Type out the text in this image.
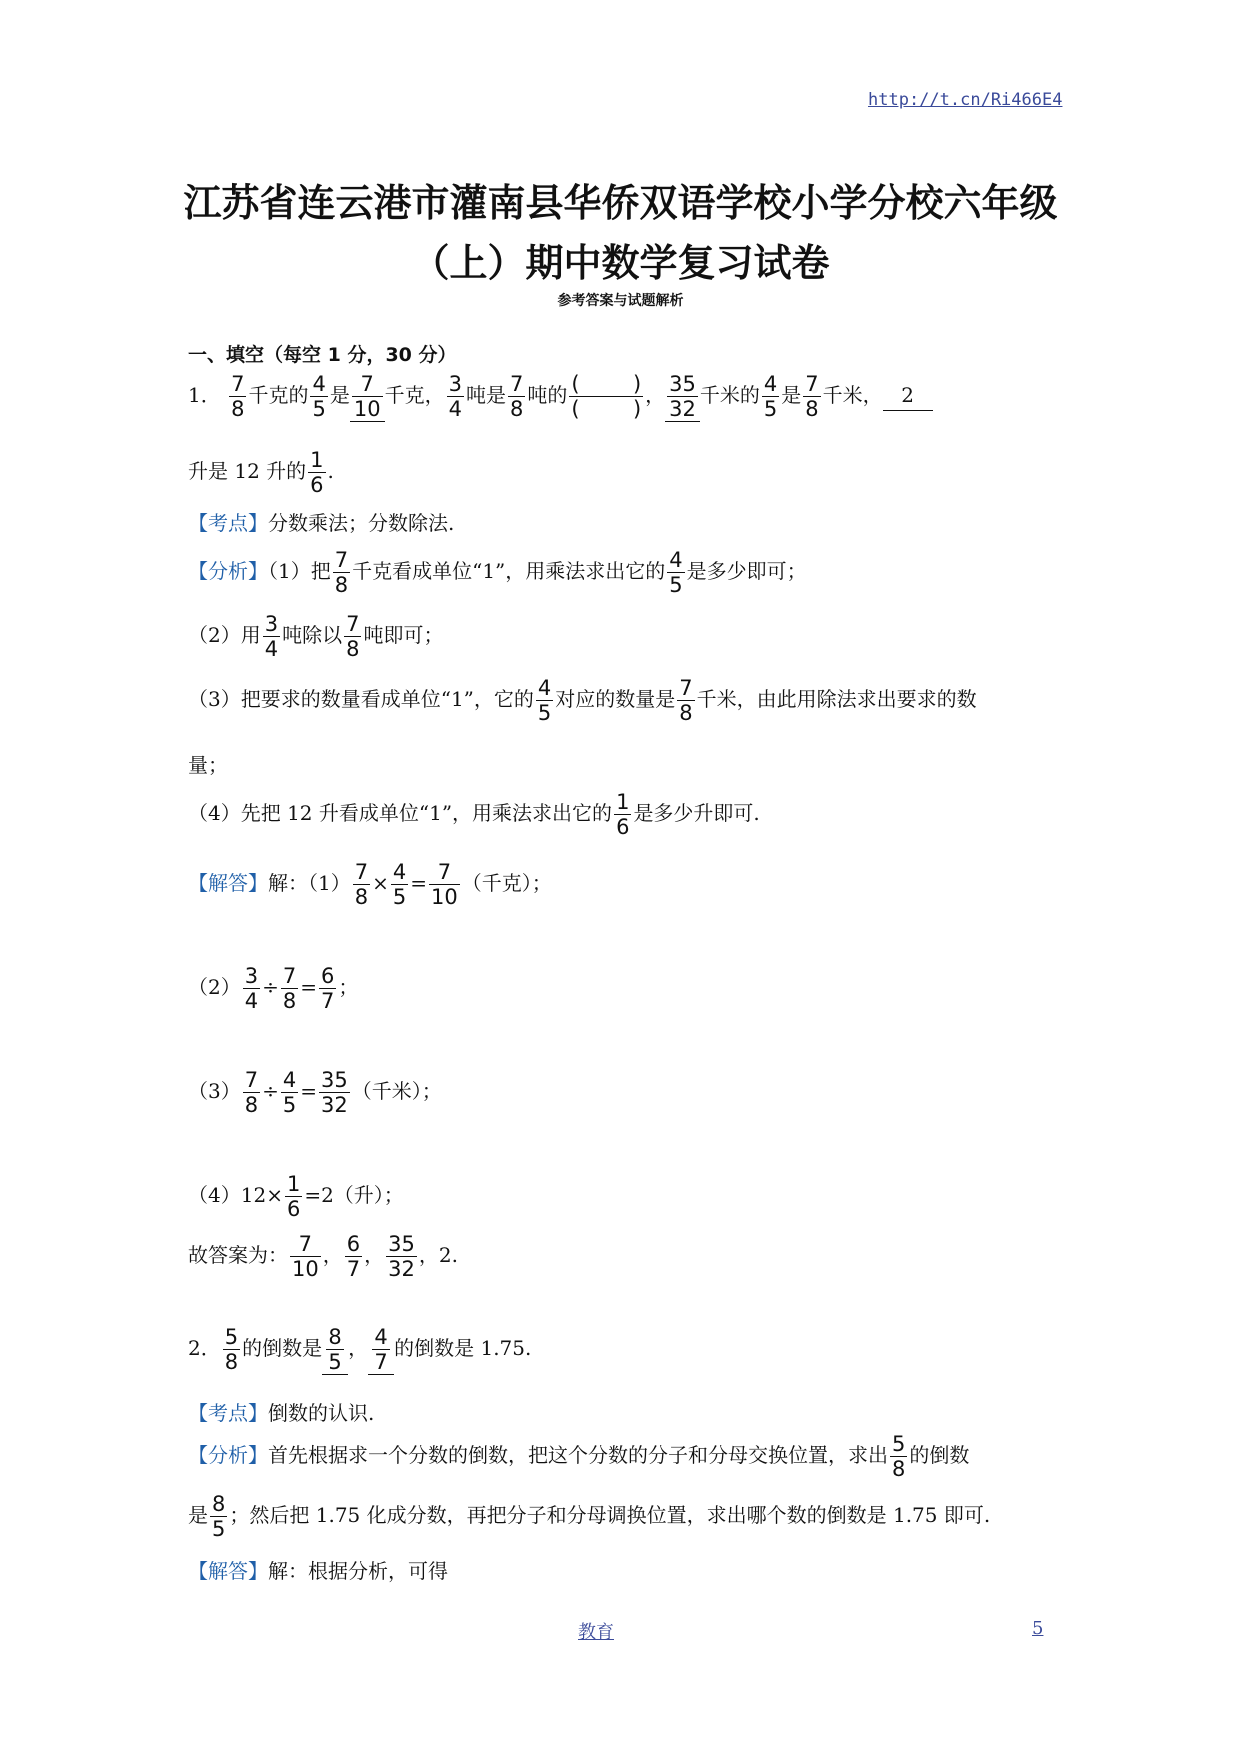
http://t.cn/Ri466E4
江苏省连云港市灌南县华侨双语学校小学分校六年级
（上）期中数学复习试卷
参考答案与试题解析
一、填空（每空 1 分，30 分）
1． $\frac{7}{8}$ 千克的 $\frac{4}{5}$ 是 $\frac{7}{10}$ 千克， $\frac{3}{4}$ 吨是 $\frac{7}{8}$ 吨的 (	)
(	) ， $\frac{35}{32}$ 千米的 $\frac{4}{5}$ 是 $\frac{7}{8}$ 千米， 2
升是 12 升的 $\frac{1}{6}$ .
【考点】分数乘法；分数除法.
【分析】（1）把 $\frac{7}{8}$ 千克看成单位“1”，用乘法求出它的 $\frac{4}{5}$ 是多少即可；
（2）用 $\frac{3}{4}$ 吨除以 $\frac{7}{8}$ 吨即可；
（3）把要求的数量看成单位“1”，它的 $\frac{4}{5}$ 对应的数量是 $\frac{7}{8}$ 千米，由此用除法求出要求的数
量；
（4）先把 12 升看成单位“1”，用乘法求出它的 $\frac{1}{6}$ 是多少升即可.
【解答】解：$(1) \frac{7}{8} \times \frac{4}{5} = \frac{7}{10}$ （千克）；
$(2) \frac{3}{4} \div \frac{7}{8} = \frac{6}{7}$ ；
$(3) \frac{7}{8} \div \frac{4}{5} = \frac{35}{32}$ （千米）；
$(4)12\times \frac{1}{6} =2$（升）；
故答案为： $\frac{7}{10}$ ， $\frac{6}{7}$ ， $\frac{35}{32}$ ，2.
2． $\frac{5}{8}$ 的倒数是 $\frac{8}{5}$ ， $\frac{4}{7}$ 的倒数是 1.75.
【考点】倒数的认识.
【分析】首先根据求一个分数的倒数，把这个分数的分子和分母交换位置，求出 $\frac{5}{8}$ 的倒数
是 $\frac{8}{5}$ ；然后把 1.75 化成分数，再把分子和分母调换位置，求出哪个数的倒数是 1.75 即可.
【解答】解：根据分析，可得
教育	5
